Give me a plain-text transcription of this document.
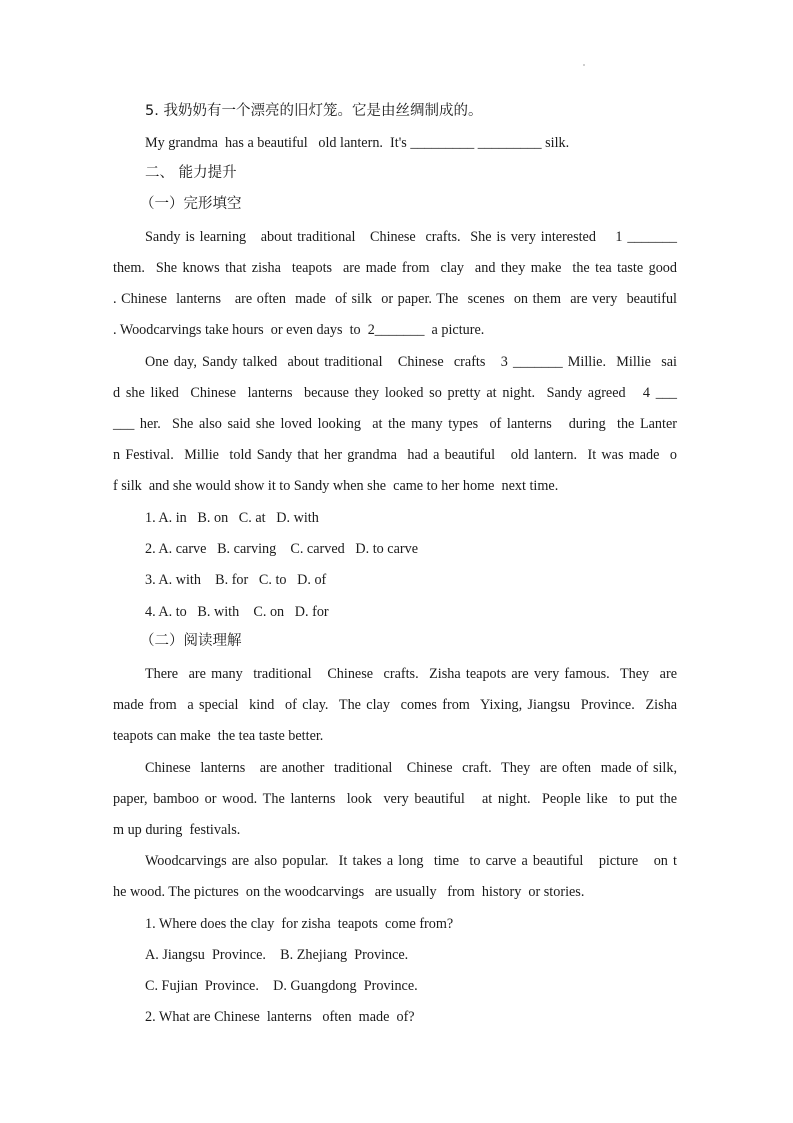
5. 我奶奶有一个漂亮的旧灯笼。它是由丝绸制成的。
My grandma  has a beautiful   old lantern.  It's _________ _________ silk.
二、 能力提升
（一）完形填空
Sandy is learning   about traditional   Chinese  crafts.  She is very interested    1 _______
them.  She knows that zisha  teapots  are made from  clay  and they make  the tea taste good
. Chinese  lanterns   are often  made  of silk  or paper. The  scenes  on them  are very  beautiful
. Woodcarvings take hours  or even days  to  2_______  a picture.
One day, Sandy talked  about traditional   Chinese  crafts   3 _______ Millie.  Millie  sai
d she liked  Chinese  lanterns  because they looked so pretty at night.  Sandy agreed   4 ___
___ her.  She also said she loved looking  at the many types  of lanterns   during  the Lanter
n Festival.  Millie  told Sandy that her grandma  had a beautiful   old lantern.  It was made  o
f silk  and she would show it to Sandy when she  came to her home  next time.
1. A. in   B. on   C. at   D. with
2. A. carve   B. carving    C. carved   D. to carve
3. A. with    B. for   C. to   D. of
4. A. to   B. with    C. on   D. for
（二）阅读理解
There  are many  traditional   Chinese  crafts.  Zisha teapots are very famous.  They  are
made from  a special  kind  of clay.  The clay  comes from  Yixing, Jiangsu  Province.  Zisha
teapots can make  the tea taste better.
Chinese  lanterns   are another  traditional   Chinese  craft.  They  are often  made of silk,
paper, bamboo or wood. The lanterns  look  very beautiful   at night.  People like  to put the
m up during  festivals.
Woodcarvings are also popular.  It takes a long  time  to carve a beautiful   picture   on t
he wood. The pictures  on the woodcarvings   are usually   from  history  or stories.
1. Where does the clay  for zisha  teapots  come from?
A. Jiangsu  Province.    B. Zhejiang  Province.
C. Fujian  Province.    D. Guangdong  Province.
2. What are Chinese  lanterns   often  made  of?
